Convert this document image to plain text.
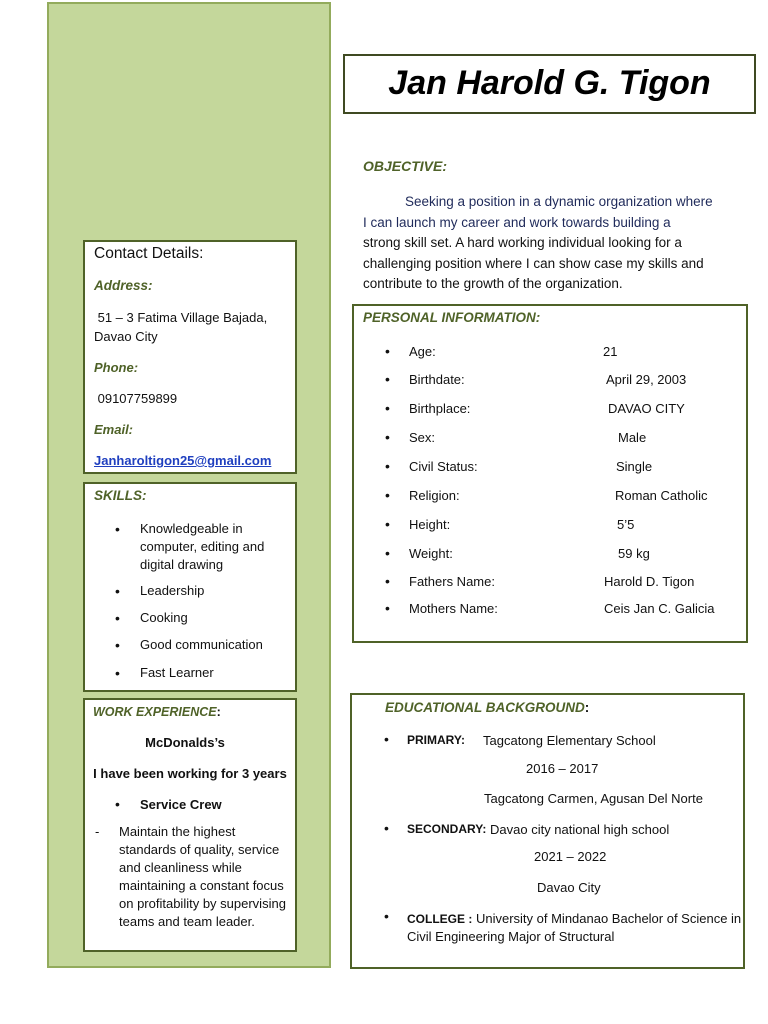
Jan Harold G. Tigon
OBJECTIVE:
Seeking a position in a dynamic organization where
I can launch my career and work towards building a
strong skill set. A hard working individual looking for a
challenging position where I can show case my skills and
contribute to the growth of the organization.
Contact Details:
Address:
51 – 3 Fatima Village Bajada,
Davao City
Phone:
09107759899
Email:
Janharoltigon25@gmail.com
SKILLS:
• Knowledgeable in computer, editing and digital drawing
• Leadership
• Cooking
• Good communication
• Fast Learner
WORK EXPERIENCE:
McDonalds’s
I have been working for 3 years
• Service Crew
- Maintain the highest standards of quality, service and cleanliness while maintaining a constant focus on profitability by supervising teams and team leader.
PERSONAL INFORMATION:
• Age:	21
• Birthdate:	April 29, 2003
• Birthplace:	DAVAO CITY
• Sex:	Male
• Civil Status:	Single
• Religion:	Roman Catholic
• Height:	5’5
• Weight:	59 kg
• Fathers Name:	Harold D. Tigon
• Mothers Name:	Ceis Jan C. Galicia
EDUCATIONAL BACKGROUND:
• PRIMARY: Tagcatong Elementary School
2016 – 2017
Tagcatong Carmen, Agusan Del Norte
• SECONDARY: Davao city national high school
2021 – 2022
Davao City
• COLLEGE : University of Mindanao Bachelor of Science in
Civil Engineering Major of Structural
